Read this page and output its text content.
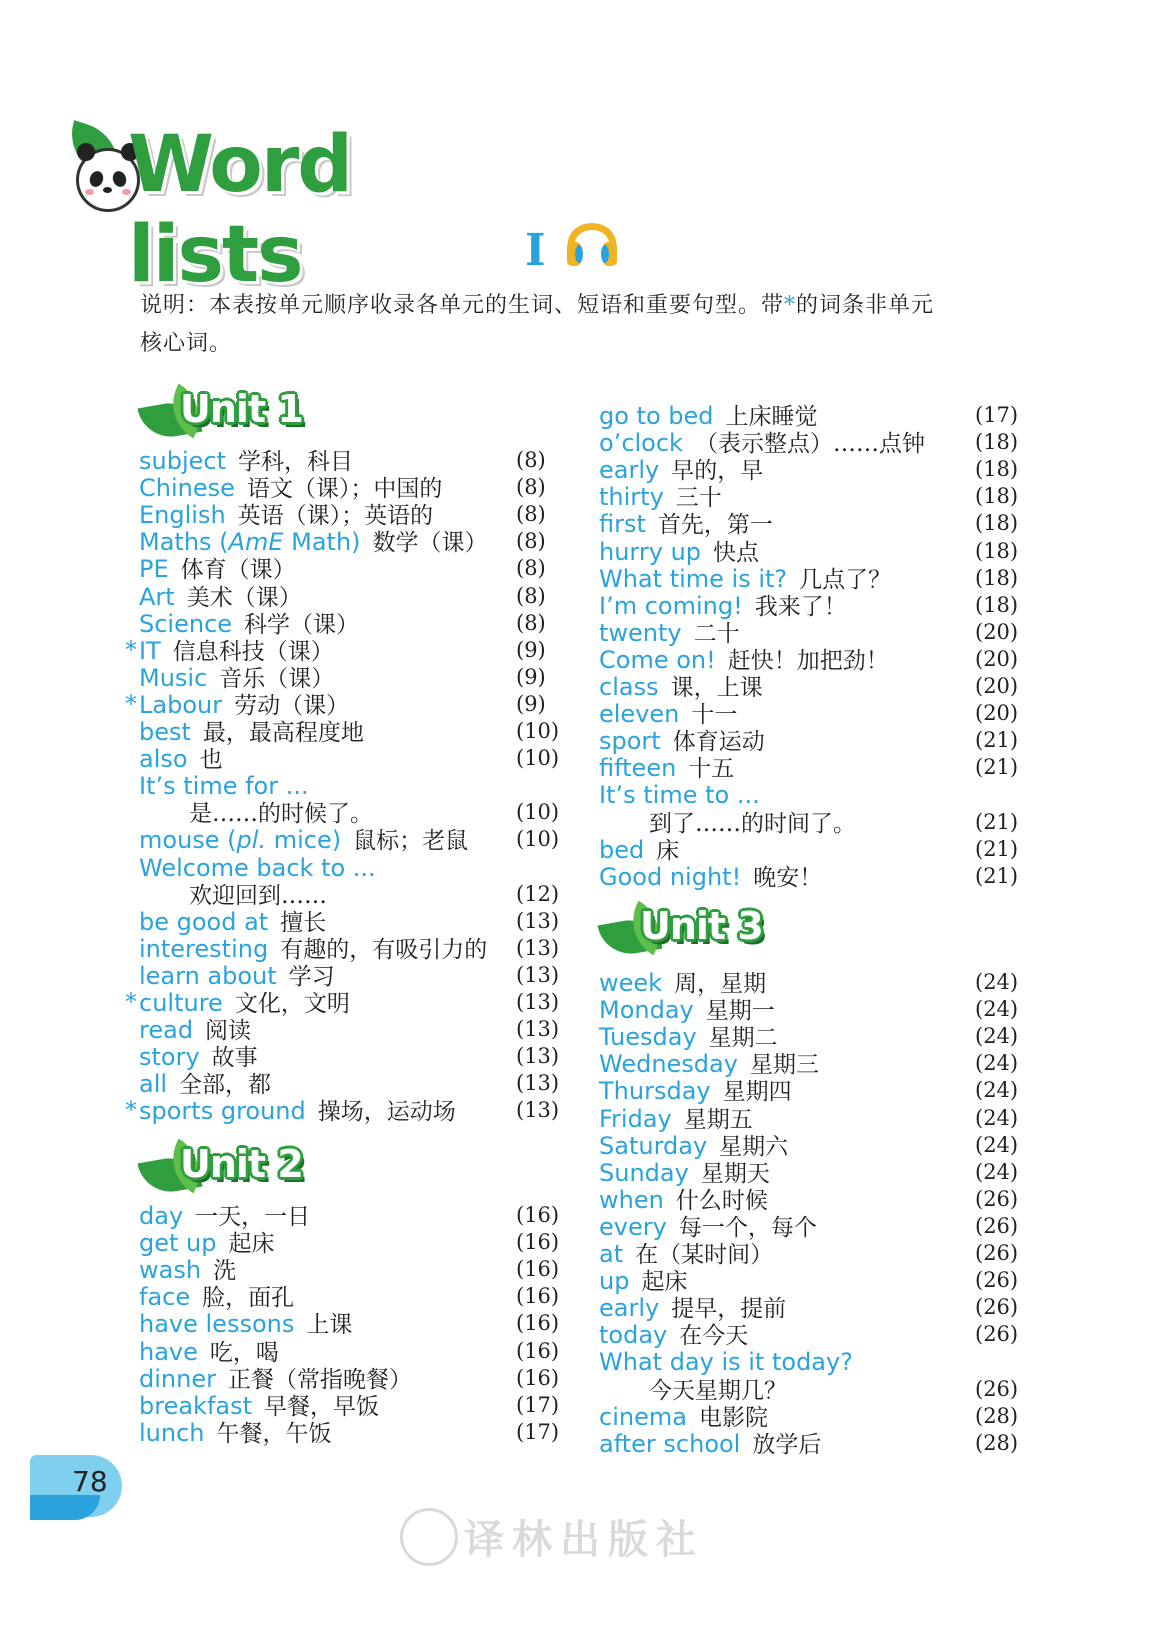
Word lists	I
说明：本表按单元顺序收录各单元的生词、短语和重要句型。带*的词条非单元
核心词。
Unit 1
subject 学科，科目	(8)
Chinese 语文（课）；中国的	(8)
English 英语（课）；英语的	(8)
Maths (AmE Math) 数学（课） (8)
PE 体育（课）	(8)
Art 美术（课）	(8)
Science 科学（课）	(8)
* IT 信息科技（课）	(9)
Music 音乐（课）	(9)
* Labour 劳动（课）	(9)
best 最，最高程度地	(10)
also 也	(10)
It’s time for ...
是……的时候了。	(10)
mouse (pl. mice) 鼠标；老鼠 (10)
Welcome back to ...
欢迎回到……	(12)
be good at 擅长	(13)
interesting 有趣的，有吸引力的 (13)
learn about 学习	(13)
* culture 文化，文明	(13)
read 阅读	(13)
story 故事	(13)
all 全部，都	(13)
* sports ground 操场，运动场	(13)
Unit 2
day 一天，一日	(16)
get up 起床	(16)
wash 洗	(16)
face 脸，面孔	(16)
have lessons 上课	(16)
have 吃，喝	(16)
dinner 正餐（常指晚餐）	(16)
breakfast 早餐，早饭	(17)
lunch 午餐，午饭	(17)
go to bed 上床睡觉	(17)
o’clock （表示整点）……点钟 (18)
early 早的，早	(18)
thirty 三十	(18)
first 首先，第一	(18)
hurry up 快点	(18)
What time is it? 几点了？	(18)
I’m coming! 我来了！	(18)
twenty 二十	(20)
Come on! 赶快！加把劲！	(20)
class 课，上课	(20)
eleven 十一	(20)
sport 体育运动	(21)
fifteen 十五	(21)
It’s time to ...
到了……的时间了。	(21)
bed 床	(21)
Good night! 晚安！	(21)
Unit 3
week 周，星期	(24)
Monday 星期一	(24)
Tuesday 星期二	(24)
Wednesday 星期三	(24)
Thursday 星期四	(24)
Friday 星期五	(24)
Saturday 星期六	(24)
Sunday 星期天	(24)
when 什么时候	(26)
every 每一个，每个	(26)
at 在（某时间）	(26)
up 起床	(26)
early 提早，提前	(26)
today 在今天	(26)
What day is it today?
今天星期几？	(26)
cinema 电影院	(28)
after school 放学后	(28)
78
译林出版社
